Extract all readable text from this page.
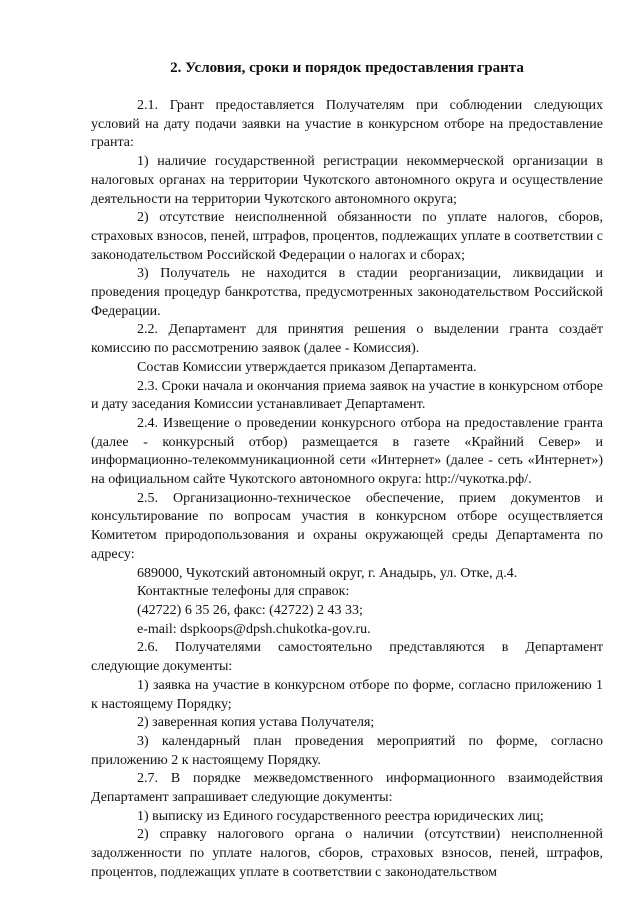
2. Условия, сроки и порядок предоставления гранта

2.1. Грант предоставляется Получателям при соблюдении следующих условий на дату подачи заявки на участие в конкурсном отборе на предоставление гранта:

1) наличие государственной регистрации некоммерческой организации в налоговых органах на территории Чукотского автономного округа и осуществление деятельности на территории Чукотского автономного округа;

2) отсутствие неисполненной обязанности по уплате налогов, сборов, страховых взносов, пеней, штрафов, процентов, подлежащих уплате в соответствии с законодательством Российской Федерации о налогах и сборах;

3) Получатель не находится в стадии реорганизации, ликвидации и проведения процедур банкротства, предусмотренных законодательством Российской Федерации.

2.2. Департамент для принятия решения о выделении гранта создаёт комиссию по рассмотрению заявок (далее - Комиссия).

Состав Комиссии утверждается приказом Департамента.

2.3. Сроки начала и окончания приема заявок на участие в конкурсном отборе и дату заседания Комиссии устанавливает Департамент.

2.4. Извещение о проведении конкурсного отбора на предоставление гранта (далее - конкурсный отбор) размещается в газете «Крайний Север» и информационно-телекоммуникационной сети «Интернет» (далее - сеть «Интернет») на официальном сайте Чукотского автономного округа: http://чукотка.рф/.

2.5. Организационно-техническое обеспечение, прием документов и консультирование по вопросам участия в конкурсном отборе осуществляется Комитетом природопользования и охраны окружающей среды Департамента по адресу:

689000, Чукотский автономный округ, г. Анадырь, ул. Отке, д.4.

Контактные телефоны для справок:

(42722) 6 35 26, факс: (42722) 2 43 33;

e-mail: dspkoops@dpsh.chukotka-gov.ru.

2.6. Получателями самостоятельно представляются в Департамент следующие документы:

1) заявка на участие в конкурсном отборе по форме, согласно приложению 1 к настоящему Порядку;

2) заверенная копия устава Получателя;

3) календарный план проведения мероприятий по форме, согласно приложению 2 к настоящему Порядку.

2.7. В порядке межведомственного информационного взаимодействия Департамент запрашивает следующие документы:

1) выписку из Единого государственного реестра юридических лиц;

2) справку налогового органа о наличии (отсутствии) неисполненной задолженности по уплате налогов, сборов, страховых взносов, пеней, штрафов, процентов, подлежащих уплате в соответствии с законодательством
